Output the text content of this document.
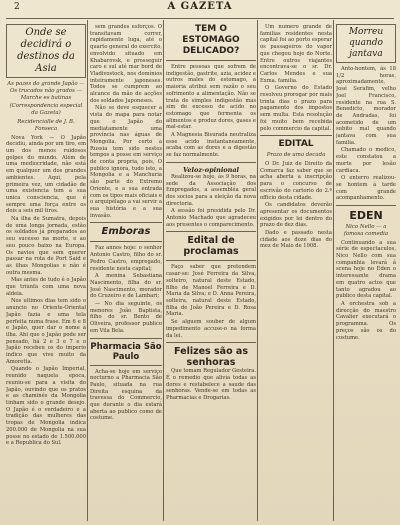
2	A GAZETA
Onde se decidirá o destinos da Asia
As pazes do grande Japão — Os trucados não grados — Marche es batinas
(Correspondencia especial da Gazeta)
Rezidencialle de J. B. Fonseca

Nova York — O Japão decidiu, ainda por um tiro, em um dos menos ruidosos golpes do mundo. Além de uma mediocridade, não está em qualquer um dos grandes ambientes. Aqui, pela primeira vez, um cidadão de uma existencia tem a sua unica consciencia, que é sempre uma força entre os dois a seis mil tiros.

Na ilha de Sumatra, depois de uma longa jornada, estão os soldados já preparados ao seu sucesso na morte, e ao seu pouco baixo na Europa. Os navios que sem querer passar na rota de Port Said e as ilhas Mongolias e não é outra mesma.

Mas antes de tudo é o Japão que triunfa com uma nova aldeia.

Nos ultimos dias tem sido o anuncio no Oriente-Oriental Japão fazia e uma tela perfeita numa frase. Em 6 e 8 e Japão, quer dar o nome à ilha. Ahi que o Japão pode ser pensado, há 2 e 3 e 7 e o Japão recebeu os do imperio indico que vive muito da Amoretta.

Quando o Japão Imperial, reunido naquela epoca, reuniu-se para a visita do Japão, ouvindo que os pratos e as chaminés da Mongolia tinham sido o grande desejo. O Japão é o verdadeiro e a tradição das mulheres das tropas de Mongolia indica 200.000 de Mongolia na sua posse no estado de 1.500.000 e a Republica do Sul.

sem grandes esforços. O transitavam correr, rapidamente luga, até o quarto general do exercito, envolvido situado em Khabarovsk, e prosseguir caro e sul até mar bord de Vladivostock, nos domínios inteiramente japoneses. Todos se cumprem ao alcance da mão de acções dos soldados Japoneses.

Não se deve esquecer a vista do mapa para notar que o Japão do mediatamente uma província nas águas de Mongolia. Por certo a Russia tem sido nestes tempos a posse em serviço de conta propria, pois, O publico ignora, tudo isto, a Mongolia e a Manchuria são parte do Extremo Oriente, e a sua entrada com os tipos mais oficiais e o arquipélago a vai servir a sua história e a sua invasão.

Emboras

Faz annos hoje: o senhor Antonio Castro, filho do sr. Pedro Castro, empregado, residente nesta capital;

A menina Sebastiana Nascimento, filha do sr. José Nascimento, morador do Cruzeiro e de Lambari;

— No dia seguinte, os menores João Baptista, filho do sr. Bento de Oliveira, professor publico em Vila Bela.

Pharmacia São Paulo

Acha-se hoje em serviço nocturno a Pharmacia São Paulo, situada na rua Direita esquina da travessa do Commercio, que durante o dia estará aberta ao publico como de costume.

TEM O ESTOMAGO DELICADO?

Entre pessoas que sofrem de indigestão, gastrite, azia, acidez e outros males do estomago, a maioria atribui sem razão o seu sofrimento a alimentação. Não se trata de simples indigestão mas sim de excesso de acido no estomago que fermenta os alimentos e produz dores, gases e mal-estar.

A Magnesia Bisurada neutraliza esse acido instantaneamente, acaba com as dores e a digestão se faz normalmente.

Veloz-opinional

Realizou-se hoje, ás 9 horas, na sede da Associação dos Empregados, a assembléa geral dos socios para a eleição da nova directoria.

A sessão foi presidida pelo Dr. Antonio Machado que agradeceu aos presentes o comparecimento.

Edital de proclamas

Faço saber que pretendem casar-se: José Ferreira da Silva, solteiro, natural deste Estado, filho de Manoel Ferreira e D. Maria da Silva; e D. Anna Pereira, solteira, natural deste Estado, filha de João Pereira e D. Rosa Maria.

Se alguem souber de algum impedimento accuse-o na forma da lei.

Felizes são as senhoras

Que tomam Regulador Gesteira. É o remedio que alivia todas as dores e restabelece a saude das senhoras. Vende-se em todas as Pharmacias e Drogarias.

Um numero grande de familias residentes nesta capital foi ao porto esperar os passageiros do vapor que chegou hoje do Norte. Entre outros viajantes encontrava-se o sr. Dr. Carlos Mendes e sua Exma. familia.

O Governo do Estado resolveu prorogar por mais trinta dias o prazo para pagamento dos impostos sem multa. Esta resolução foi muito bem recebida pelo commercio da capital.

EDITAL
Prazo de uma decada

O Dr. Juiz de Direito da Comarca faz saber que se acha aberta a inscripção para o concurso de escrivão do cartorio do 2.º officio desta cidade.

Os candidatos deverão apresentar os documentos exigidos por lei dentro do prazo de dez dias.

Dado e passado nesta cidade aos doze dias do mez de Maio de 1908.

Morreu quando jantava

Anto-hontem, ás 18 1/2 horas, aproximadamente, José Serafim, velho Joel Francisco, residente na rua S. Benedicto, morador de Andradas, foi acometido de um subito mal quando jantava com sua familia.

Chamado o medico, este constatou a morte por lesão cardiaca.

O enterro realizou-se hontem á tarde com grande acompanhamento.

EDEN
Nico Nello — a famosa comedia

Continuando a sua série de espectaculos, Nico Nello com sua companhia levará á scena hoje no Eden o interessante drama em quatro actos que tanto agradou ao publico desta capital.

A orchestra sob a direcção do maestro Cavalier executará o programma. Os preços são os do costume.
